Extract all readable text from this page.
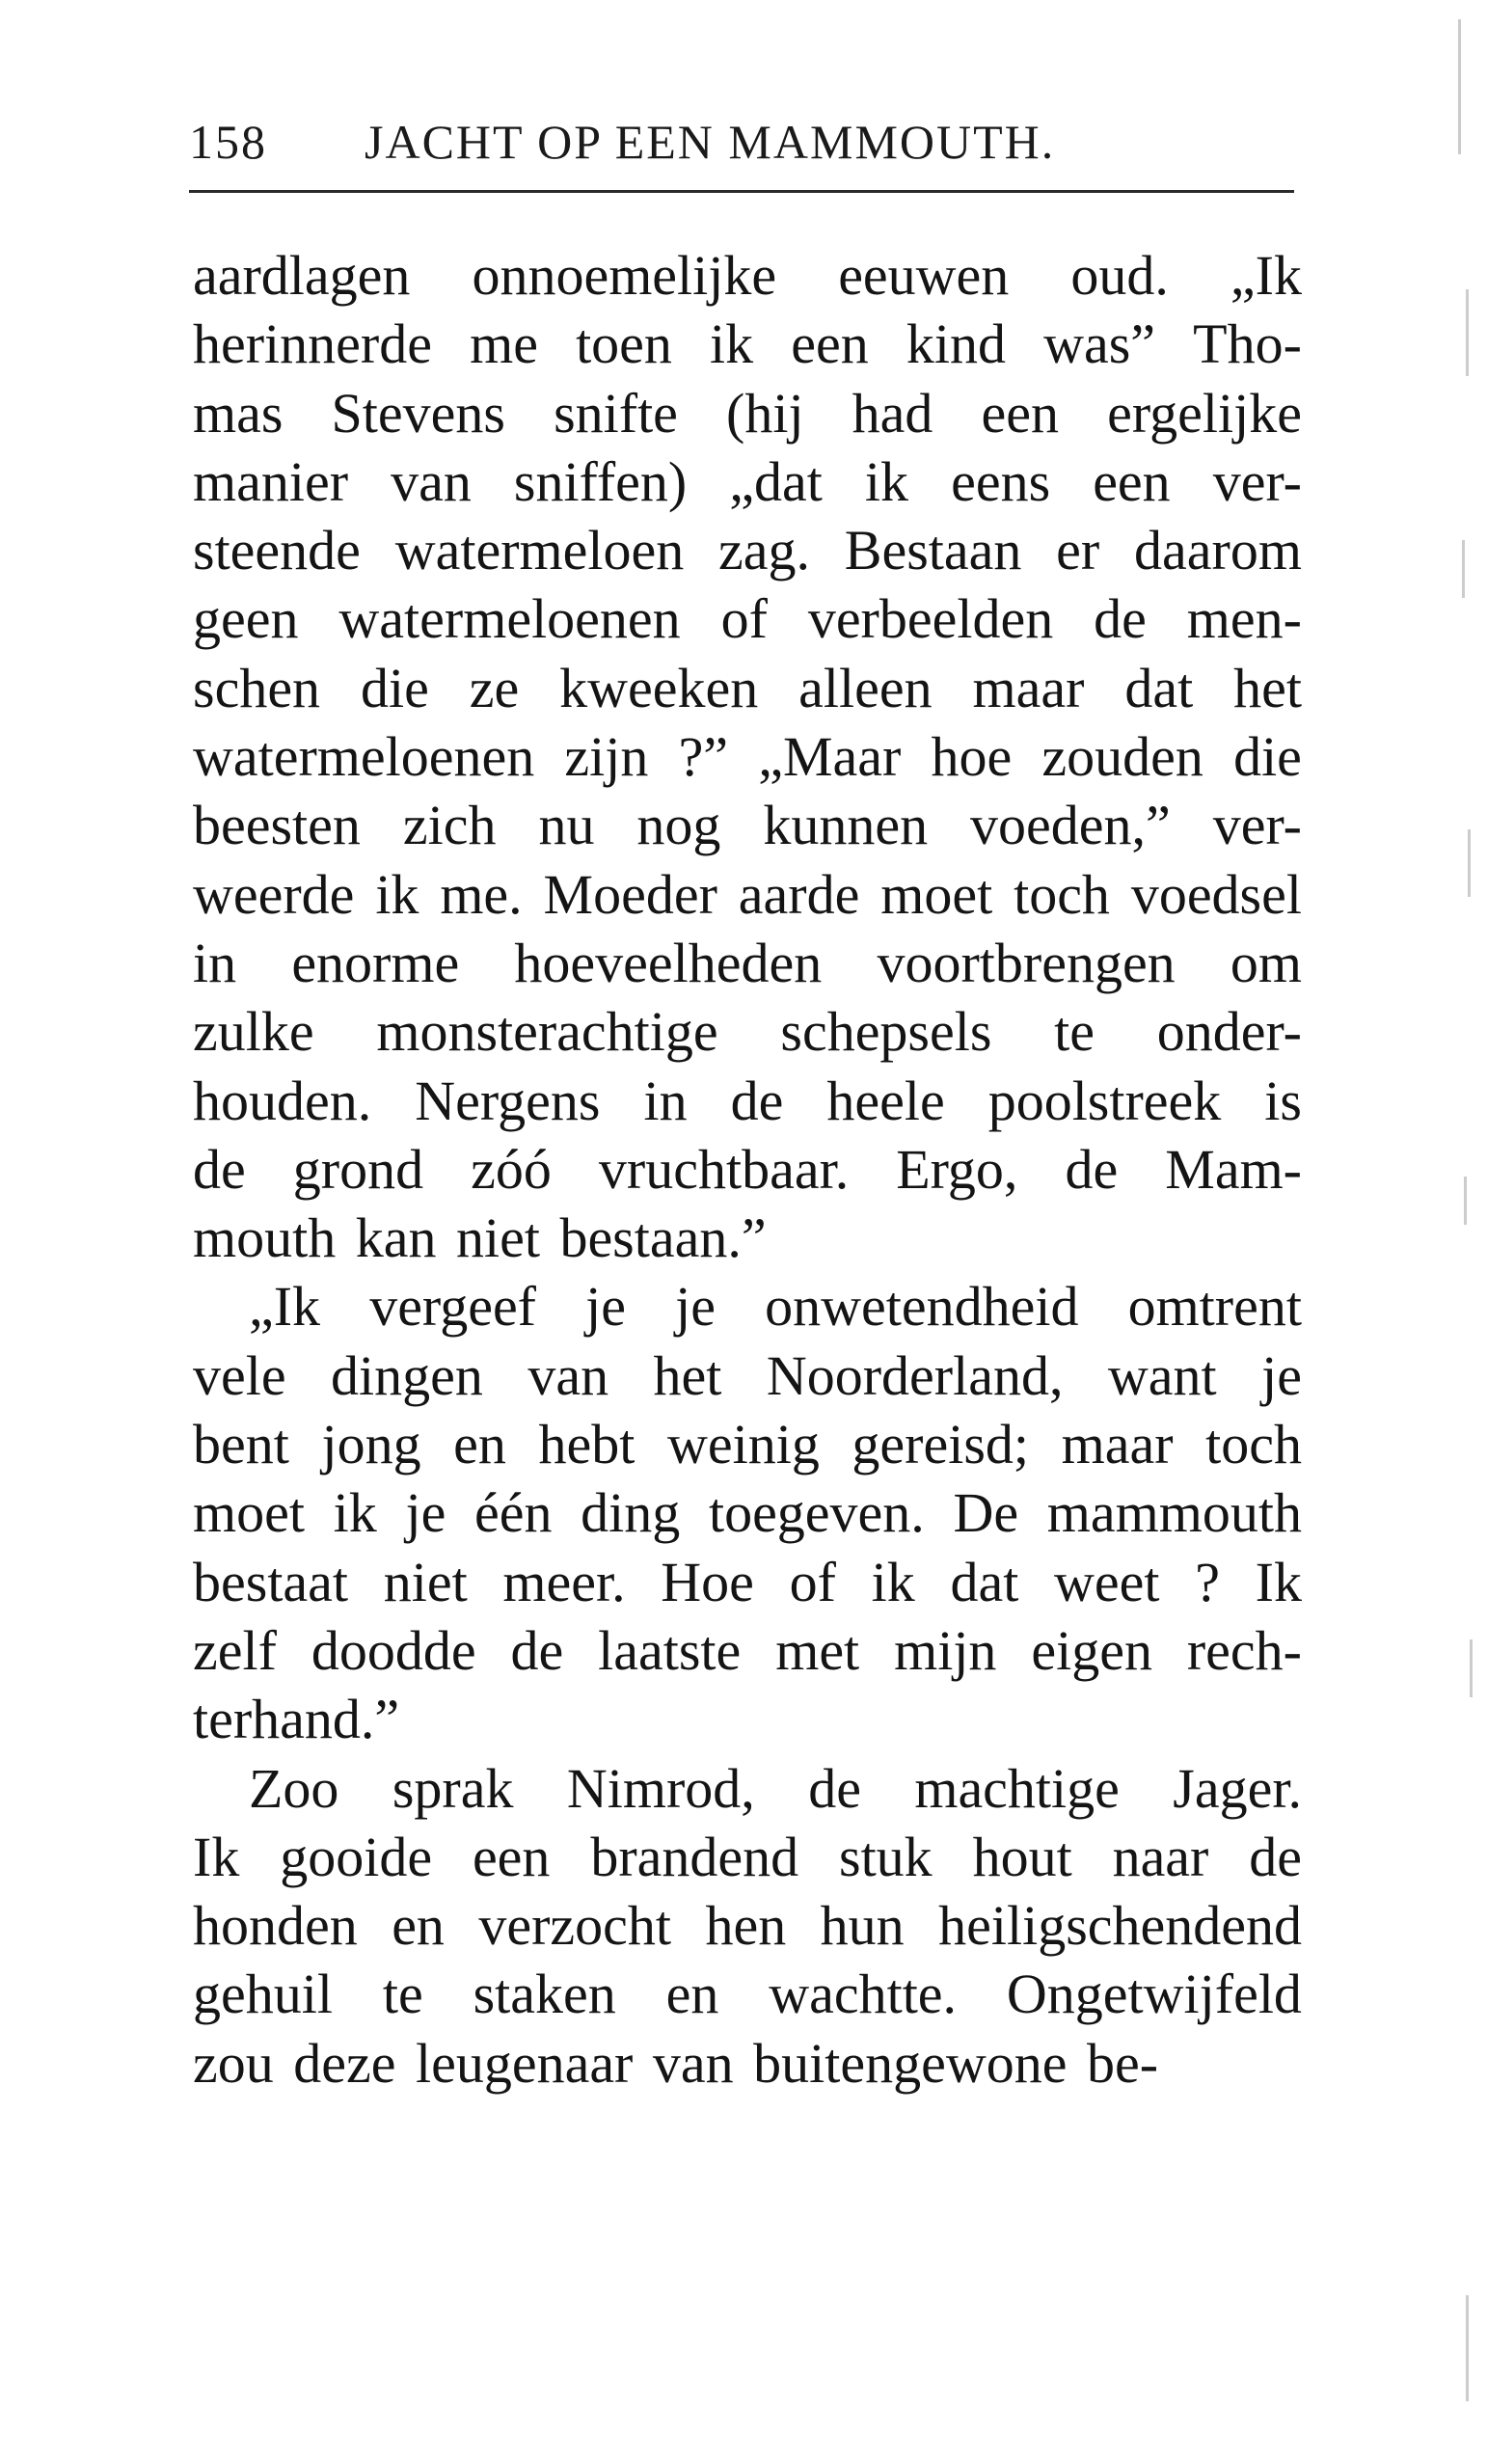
158 JACHT OP EEN MAMMOUTH.
aardlagen onnoemelijke eeuwen oud. „Ik
herinnerde me toen ik een kind was” Tho-
mas Stevens snifte (hij had een ergelijke
manier van sniffen) „dat ik eens een ver-
steende watermeloen zag. Bestaan er daarom
geen watermeloenen of verbeelden de men-
schen die ze kweeken alleen maar dat het
watermeloenen zijn ?” „Maar hoe zouden die
beesten zich nu nog kunnen voeden,” ver-
weerde ik me. Moeder aarde moet toch voedsel
in enorme hoeveelheden voortbrengen om
zulke monsterachtige schepsels te onder-
houden. Nergens in de heele poolstreek is
de grond zóó vruchtbaar. Ergo, de Mam-
mouth kan niet bestaan.”
„Ik vergeef je je onwetendheid omtrent
vele dingen van het Noorderland, want je
bent jong en hebt weinig gereisd; maar toch
moet ik je één ding toegeven. De mammouth
bestaat niet meer. Hoe of ik dat weet ? Ik
zelf doodde de laatste met mijn eigen rech-
terhand.”
Zoo sprak Nimrod, de machtige Jager.
Ik gooide een brandend stuk hout naar de
honden en verzocht hen hun heiligschendend
gehuil te staken en wachtte. Ongetwijfeld
zou deze leugenaar van buitengewone be-
